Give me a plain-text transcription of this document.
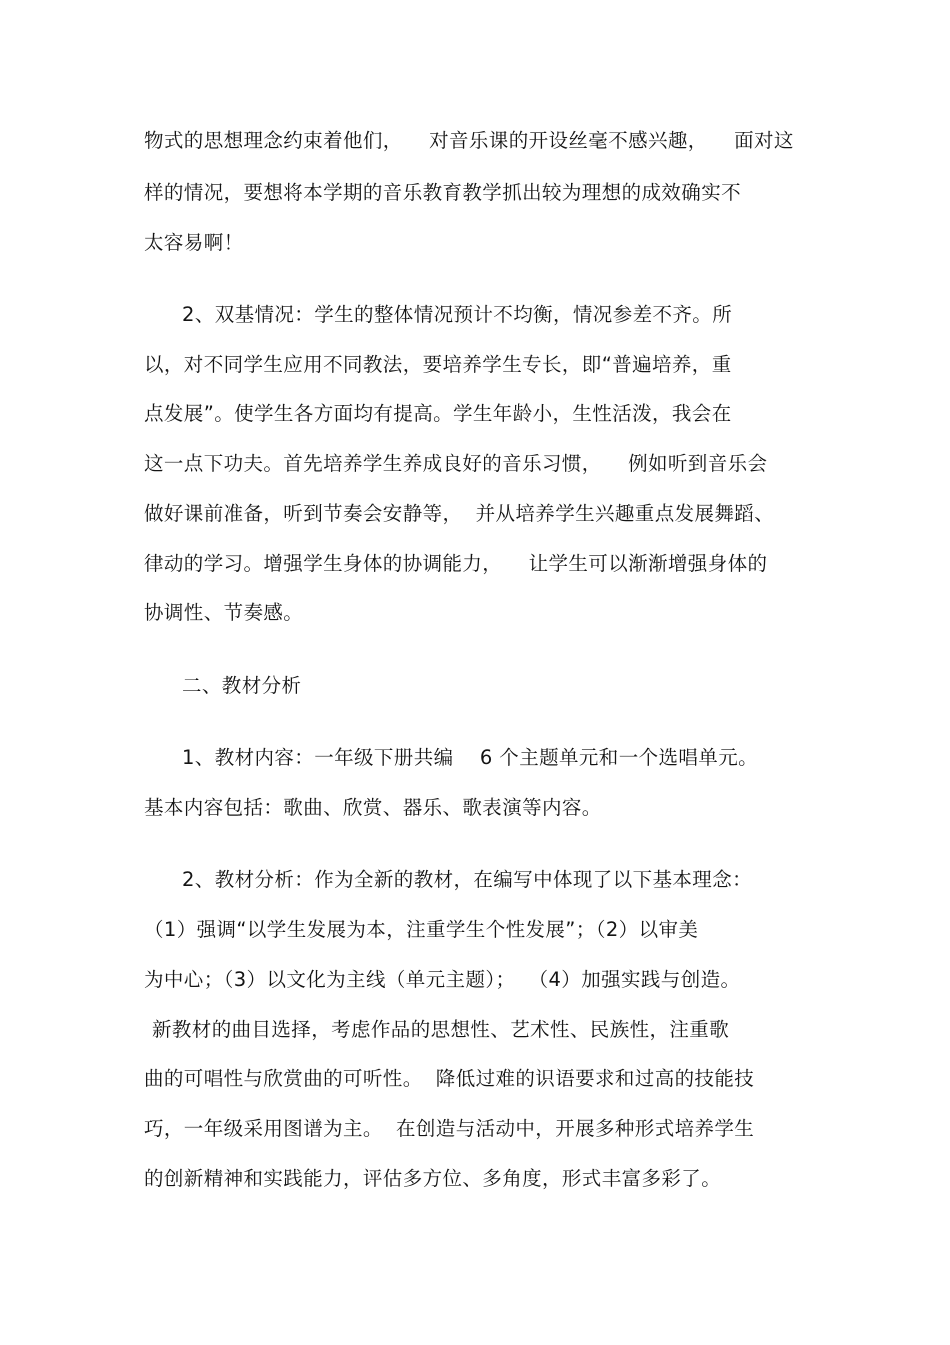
物式的思想理念约束着他们，    对音乐课的开设丝毫不感兴趣，    面对这
样的情况，要想将本学期的音乐教育教学抓出较为理想的成效确实不
太容易啊！
2、双基情况：学生的整体情况预计不均衡，情况参差不齐。所
以，对不同学生应用不同教法，要培养学生专长，即“普遍培养，重
点发展”。使学生各方面均有提高。学生年龄小，生性活泼，我会在
这一点下功夫。首先培养学生养成良好的音乐习惯，    例如听到音乐会
做好课前准备，听到节奏会安静等，  并从培养学生兴趣重点发展舞蹈、
律动的学习。增强学生身体的协调能力，    让学生可以渐渐增强身体的
协调性、节奏感。
二、教材分析
1、教材内容：一年级下册共编    6 个主题单元和一个选唱单元。
基本内容包括：歌曲、欣赏、器乐、歌表演等内容。
2、教材分析：作为全新的教材，在编写中体现了以下基本理念：
（1）强调“以学生发展为本，注重学生个性发展”；（2）以审美
为中心；（3）以文化为主线（单元主题）；  （4）加强实践与创造。
新教材的曲目选择，考虑作品的思想性、艺术性、民族性，注重歌
曲的可唱性与欣赏曲的可听性。  降低过难的识语要求和过高的技能技
巧，一年级采用图谱为主。  在创造与活动中，开展多种形式培养学生
的创新精神和实践能力，评估多方位、多角度，形式丰富多彩了。
